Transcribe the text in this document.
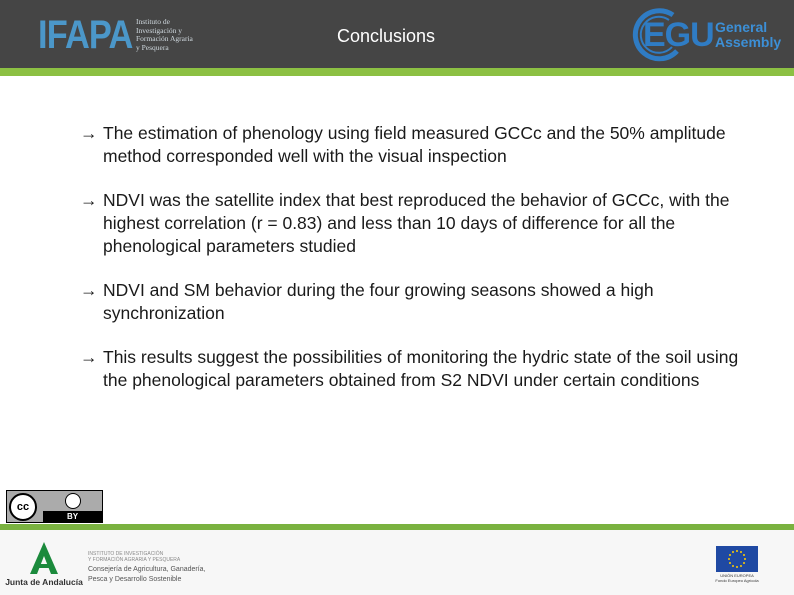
IFAPA Instituto de
Investigación y
Formación Agraria
y Pesquera
Conclusions	EGU General
Assembly
→ The estimation of phenology using field measured GCCc and the 50% amplitude method corresponded well with the visual inspection
→ NDVI was the satellite index that best reproduced the behavior of GCCc, with the highest correlation (r = 0.83) and less than 10 days of difference for all the phenological parameters studied
→ NDVI and SM behavior during the four growing seasons showed a high synchronization
→ This results suggest the possibilities of monitoring the hydric state of the soil using the phenological parameters obtained from S2 NDVI under certain conditions
cc
BY
Junta de Andalucía
INSTITUTO DE INVESTIGACIÓN
Y FORMACIÓN AGRARIA Y PESQUERA
Consejería de Agricultura, Ganadería,
Pesca y Desarrollo Sostenible
UNIÓN EUROPEA
Fondo Europeo Agrícola
